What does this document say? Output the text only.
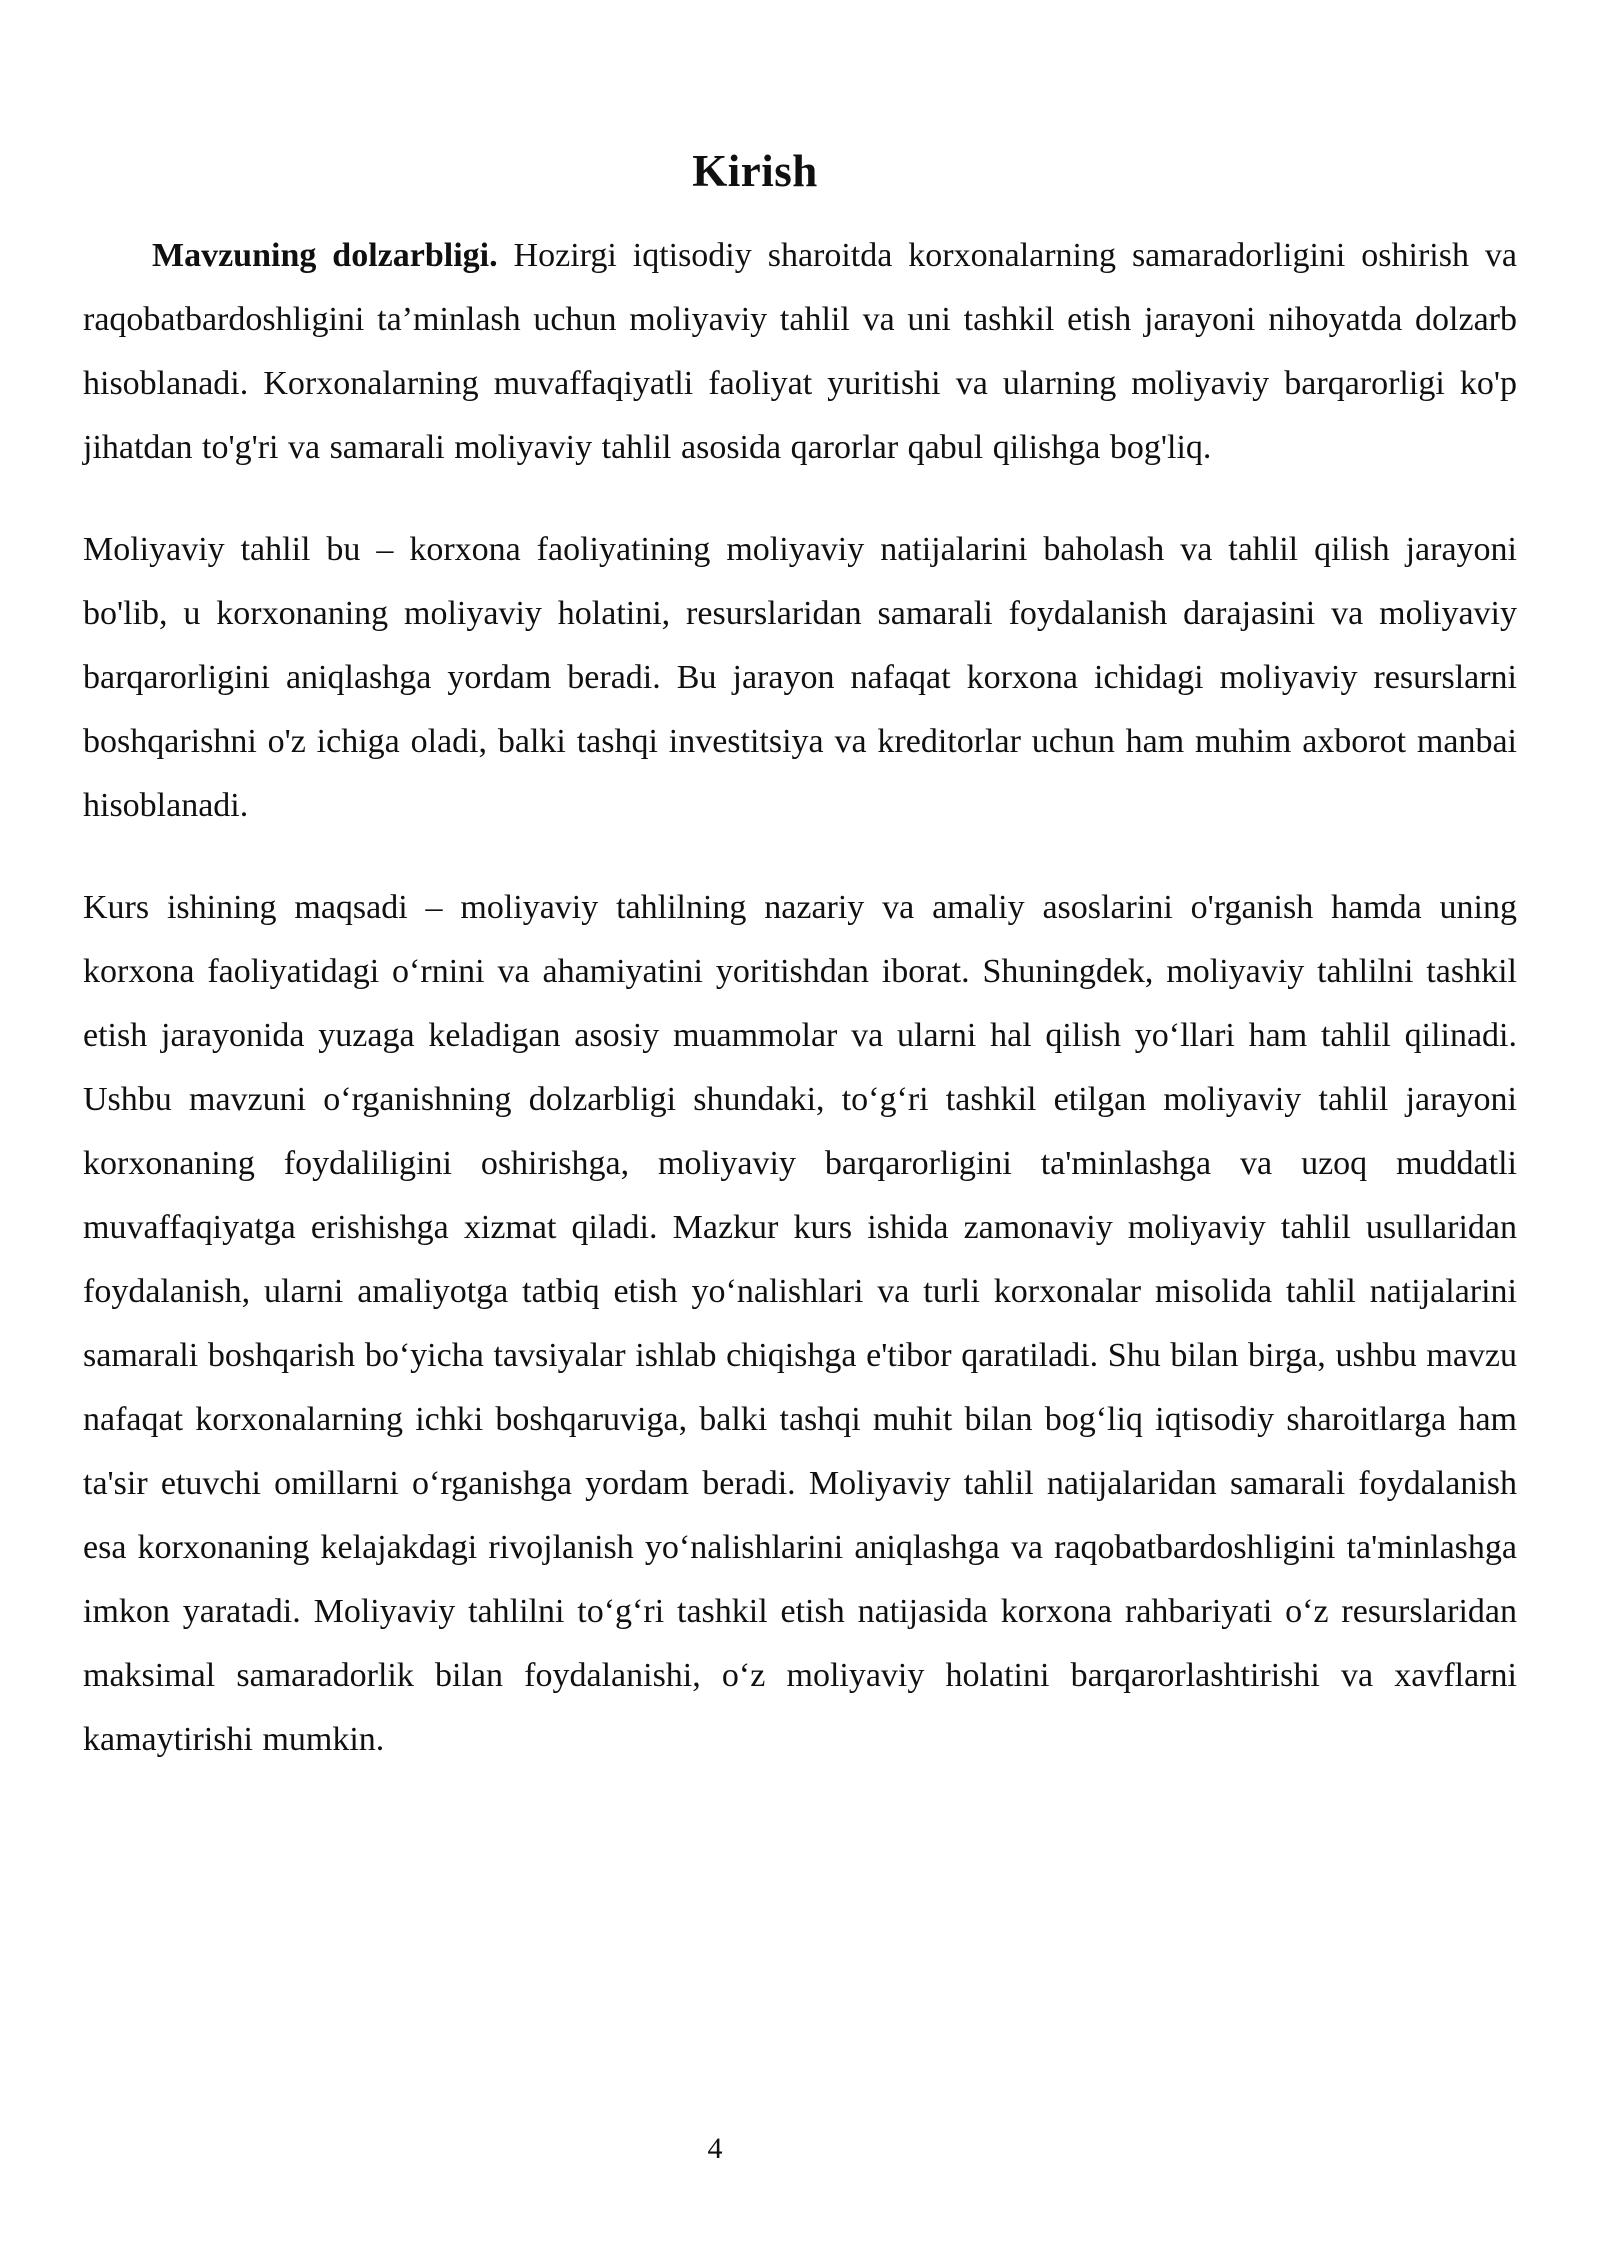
Kirish

Mavzuning dolzarbligi. Hozirgi iqtisodiy sharoitda korxonalarning samaradorligini oshirish va raqobatbardoshligini ta’minlash uchun moliyaviy tahlil va uni tashkil etish jarayoni nihoyatda dolzarb hisoblanadi. Korxonalarning muvaffaqiyatli faoliyat yuritishi va ularning moliyaviy barqarorligi ko'p jihatdan to'g'ri va samarali moliyaviy tahlil asosida qarorlar qabul qilishga bog'liq.

Moliyaviy tahlil bu – korxona faoliyatining moliyaviy natijalarini baholash va tahlil qilish jarayoni bo'lib, u korxonaning moliyaviy holatini, resurslaridan samarali foydalanish darajasini va moliyaviy barqarorligini aniqlashga yordam beradi. Bu jarayon nafaqat korxona ichidagi moliyaviy resurslarni boshqarishni o'z ichiga oladi, balki tashqi investitsiya va kreditorlar uchun ham muhim axborot manbai hisoblanadi.

Kurs ishining maqsadi – moliyaviy tahlilning nazariy va amaliy asoslarini o'rganish hamda uning korxona faoliyatidagi oʻrnini va ahamiyatini yoritishdan iborat. Shuningdek, moliyaviy tahlilni tashkil etish jarayonida yuzaga keladigan asosiy muammolar va ularni hal qilish yoʻllari ham tahlil qilinadi. Ushbu mavzuni oʻrganishning dolzarbligi shundaki, toʻgʻri tashkil etilgan moliyaviy tahlil jarayoni korxonaning foydaliligini oshirishga, moliyaviy barqarorligini ta'minlashga va uzoq muddatli muvaffaqiyatga erishishga xizmat qiladi. Mazkur kurs ishida zamonaviy moliyaviy tahlil usullaridan foydalanish, ularni amaliyotga tatbiq etish yoʻnalishlari va turli korxonalar misolida tahlil natijalarini samarali boshqarish boʻyicha tavsiyalar ishlab chiqishga e'tibor qaratiladi. Shu bilan birga, ushbu mavzu nafaqat korxonalarning ichki boshqaruviga, balki tashqi muhit bilan bogʻliq iqtisodiy sharoitlarga ham ta'sir etuvchi omillarni oʻrganishga yordam beradi. Moliyaviy tahlil natijalaridan samarali foydalanish esa korxonaning kelajakdagi rivojlanish yoʻnalishlarini aniqlashga va raqobatbardoshligini ta'minlashga imkon yaratadi. Moliyaviy tahlilni toʻgʻri tashkil etish natijasida korxona rahbariyati oʻz resurslaridan maksimal samaradorlik bilan foydalanishi, oʻz moliyaviy holatini barqarorlashtirishi va xavflarni kamaytirishi mumkin.

4
